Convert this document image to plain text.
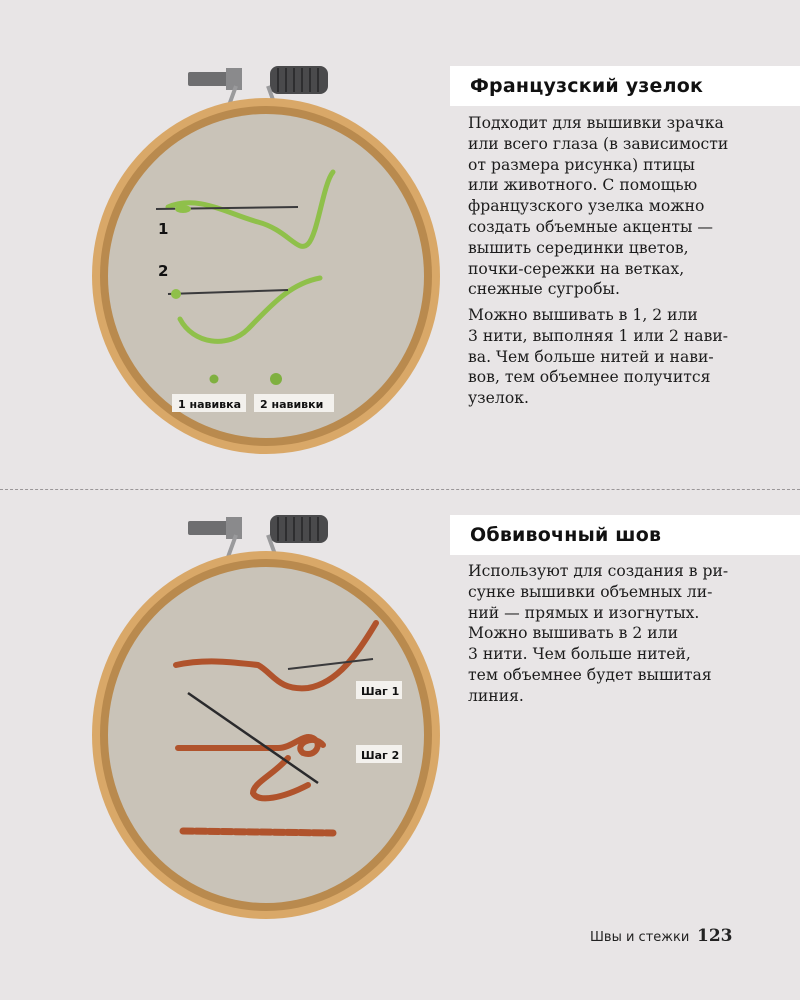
Французский узелок

Подходит для вышивки зрачка
или всего глаза (в зависимости
от размера рисунка) птицы
или животного. С помощью
французского узелка можно
создать объемные акценты —
вышить серединки цветов,
почки-сережки на ветках,
снежные сугробы.

Можно вышивать в 1, 2 или
3 нити, выполняя 1 или 2 нави-
ва. Чем больше нитей и нави-
вов, тем объемнее получится
узелок.

1
2
1 навивка 2 навивки
Обвивочный шов

Используют для создания в ри-
сунке вышивки объемных ли-
ний — прямых и изогнутых.
Можно вышивать в 2 или
3 нити. Чем больше нитей,
тем объемнее будет вышитая
линия.

Шаг 1
Шаг 2
Швы и стежки 123
